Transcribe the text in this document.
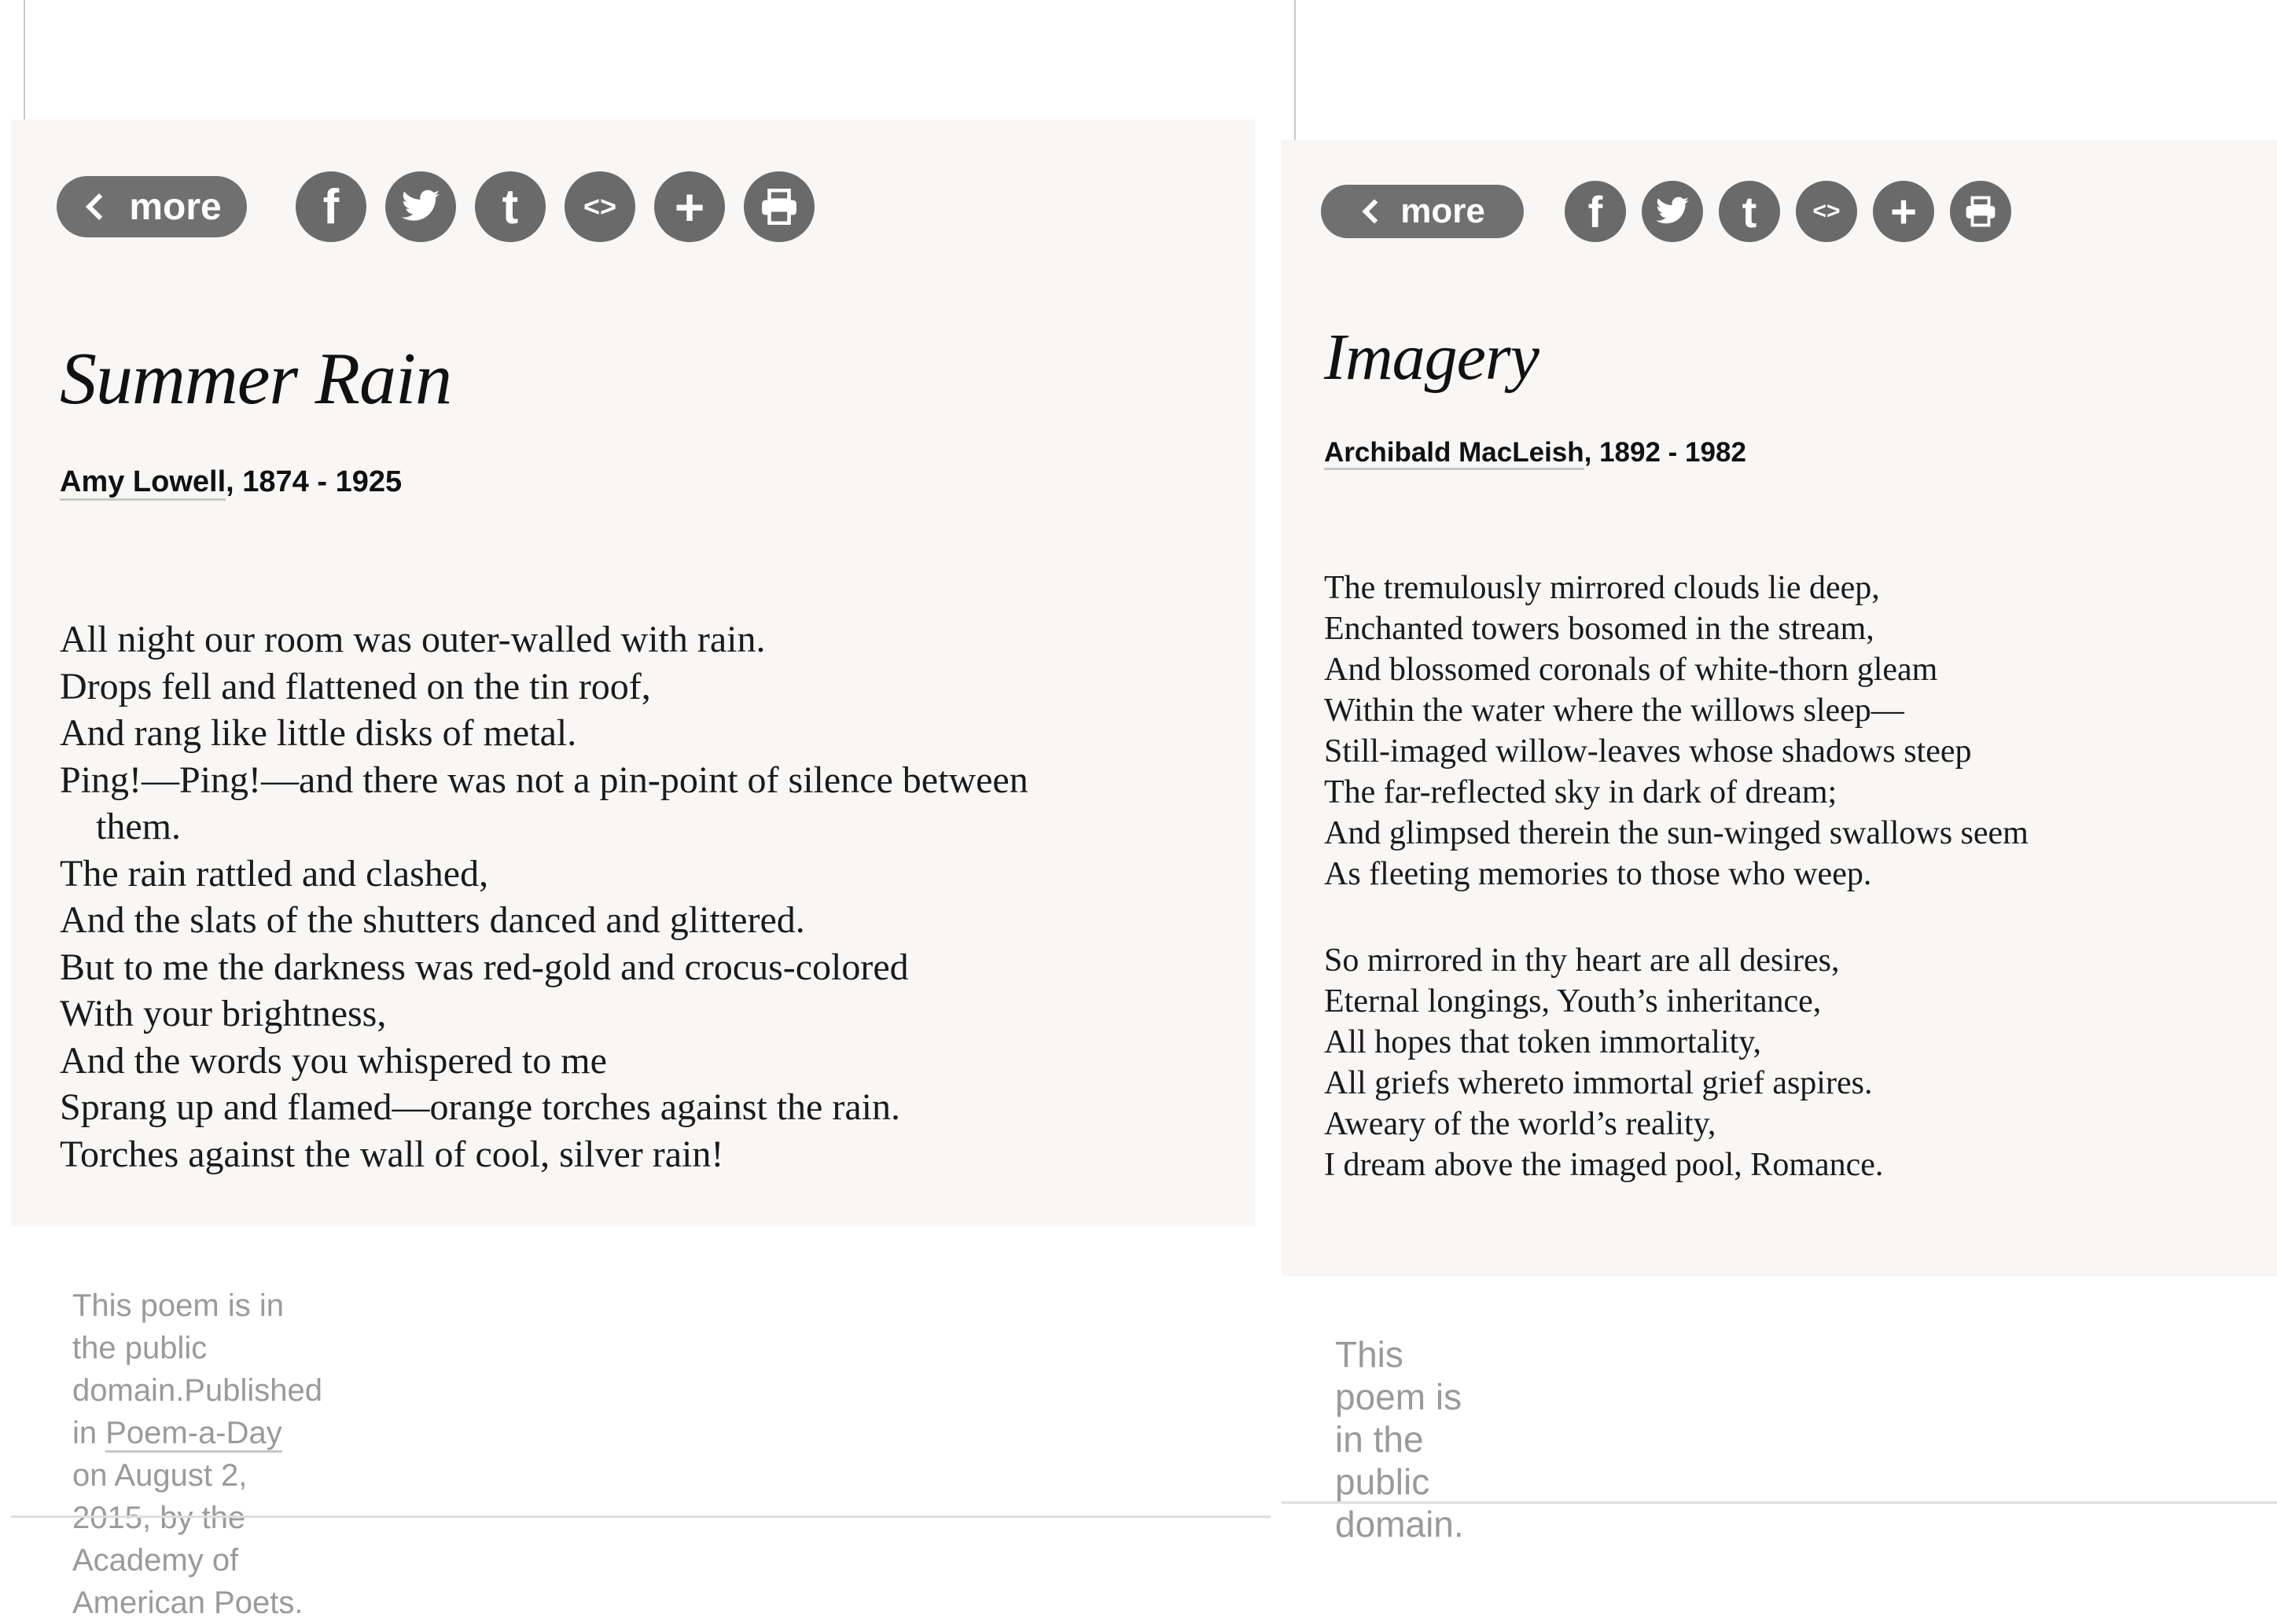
more	f	t	<>	+
Summer Rain
Amy Lowell, 1874 - 1925
All night our room was outer-walled with rain.
Drops fell and flattened on the tin roof,
And rang like little disks of metal.
Ping!—Ping!—and there was not a pin-point of silence between
them.
The rain rattled and clashed,
And the slats of the shutters danced and glittered.
But to me the darkness was red-gold and crocus-colored
With your brightness,
And the words you whispered to me
Sprang up and flamed—orange torches against the rain.
Torches against the wall of cool, silver rain!
This poem is in the public domain.Published in Poem-a-Day on August 2,
2015, by the Academy of American Poets.
more	f	t	<>	+
Imagery
Archibald MacLeish, 1892 - 1982
The tremulously mirrored clouds lie deep,
Enchanted towers bosomed in the stream,
And blossomed coronals of white-thorn gleam
Within the water where the willows sleep—
Still-imaged willow-leaves whose shadows steep
The far-reflected sky in dark of dream;
And glimpsed therein the sun-winged swallows seem
As fleeting memories to those who weep.
So mirrored in thy heart are all desires,
Eternal longings, Youth’s inheritance,
All hopes that token immortality,
All griefs whereto immortal grief aspires.
Aweary of the world’s reality,
I dream above the imaged pool, Romance.
This poem is in the public domain.
